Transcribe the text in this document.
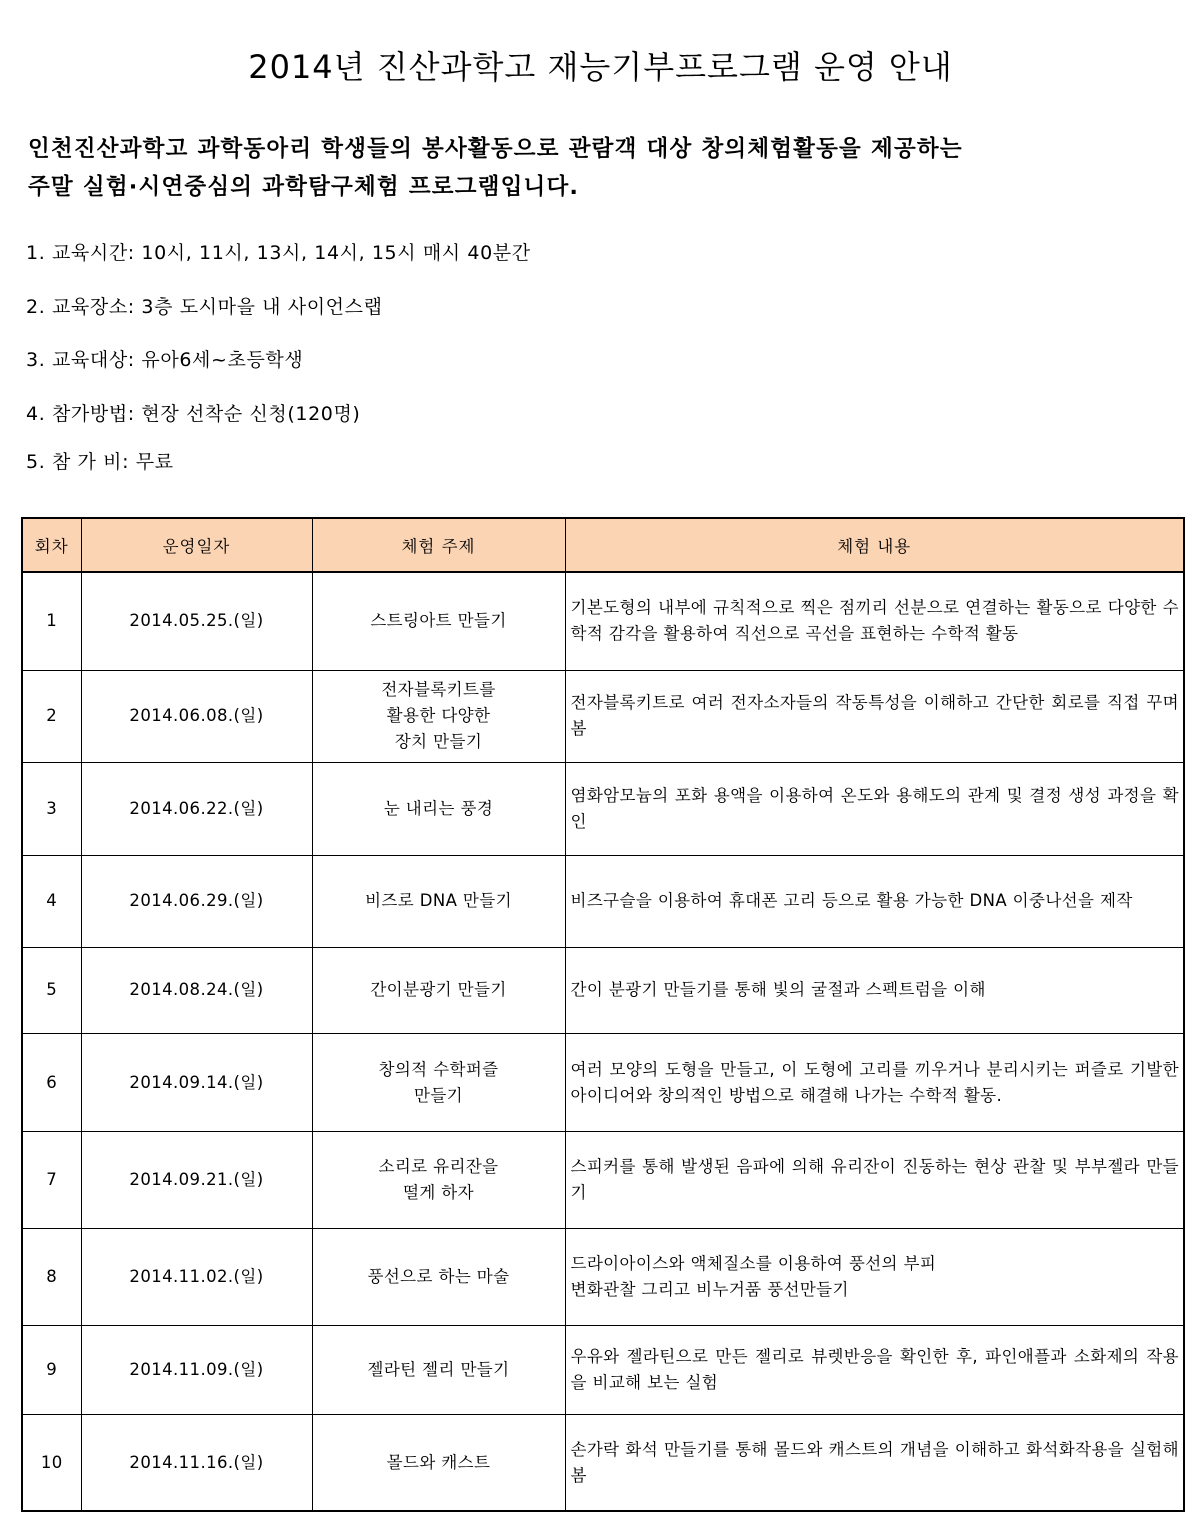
2014년 진산과학고 재능기부프로그램 운영 안내
인천진산과학고 과학동아리 학생들의 봉사활동으로 관람객 대상 창의체험활동을 제공하는
주말 실험·시연중심의 과학탐구체험 프로그램입니다.
1. 교육시간: 10시, 11시, 13시, 14시, 15시 매시 40분간
2. 교육장소: 3층 도시마을 내 사이언스랩
3. 교육대상: 유아6세~초등학생
4. 참가방법: 현장 선착순 신청(120명)
5. 참 가 비: 무료
회차	운영일자	체험 주제	체험 내용
1	2014.05.25.(일)	스트링아트 만들기	기본도형의 내부에 규칙적으로 찍은 점끼리 선분으로 연결하는 활동으로 다양한 수학적 감각을 활용하여 직선으로 곡선을 표현하는 수학적 활동
2	2014.06.08.(일)	전자블록키트를
활용한 다양한
장치 만들기	전자블록키트로 여러 전자소자들의 작동특성을 이해하고 간단한 회로를 직접 꾸며봄
3	2014.06.22.(일)	눈 내리는 풍경	염화암모늄의 포화 용액을 이용하여 온도와 용해도의 관계 및 결정 생성 과정을 확인
4	2014.06.29.(일)	비즈로 DNA 만들기	비즈구슬을 이용하여 휴대폰 고리 등으로 활용 가능한 DNA 이중나선을 제작
5	2014.08.24.(일)	간이분광기 만들기	간이 분광기 만들기를 통해 빛의 굴절과 스펙트럼을 이해
6	2014.09.14.(일)	창의적 수학퍼즐
만들기	여러 모양의 도형을 만들고, 이 도형에 고리를 끼우거나 분리시키는 퍼즐로 기발한 아이디어와 창의적인 방법으로 해결해 나가는 수학적 활동.
7	2014.09.21.(일)	소리로 유리잔을
떨게 하자	스피커를 통해 발생된 음파에 의해 유리잔이 진동하는 현상 관찰 및 부부젤라 만들기
8	2014.11.02.(일)	풍선으로 하는 마술	드라이아이스와 액체질소를 이용하여 풍선의 부피
변화관찰 그리고 비누거품 풍선만들기
9	2014.11.09.(일)	젤라틴 젤리 만들기	우유와 젤라틴으로 만든 젤리로 뷰렛반응을 확인한 후, 파인애플과 소화제의 작용을 비교해 보는 실험
10	2014.11.16.(일)	몰드와 캐스트	손가락 화석 만들기를 통해 몰드와 캐스트의 개념을 이해하고 화석화작용을 실험해봄
